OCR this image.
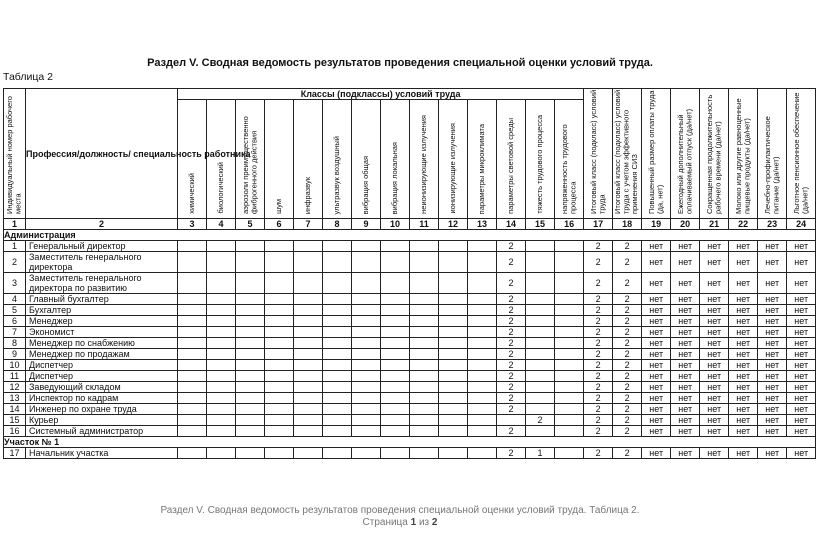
Раздел V. Сводная ведомость результатов проведения специальной оценки условий труда.
Таблица 2
Индивидуальный номер рабочего места	Профессия/должность/ специальность работника	Классы (подклассы) условий труда														Итоговый класс (подкласс) условий труда	Итоговый класс (подкласс) условий труда с учетом эффективного применения СИЗ	Повышенный размер оплаты труда (да, нет)	Ежегодный дополнительный оплачиваемый отпуск (да/нет)	Сокращенная продолжительность рабочего времени (да/нет)	Молоко или другие равноценные пищевые продукты (да/нет)	Лечебно-профилактическое питание (да/нет)	Льготное пенсионное обеспечение (да/нет)
		химический	биологический	аэрозоли преимущественно фиброгенного действия	шум	инфразвук	ультразвук воздушный	вибрация общая	вибрация локальная	неионизирующие излучения	ионизирующие излучения	параметры микроклимата	параметры световой среды	тяжесть трудового процесса	напряженность трудового процесса								
1	2	3	4	5	6	7	8	9	10	11	12	13	14	15	16	17	18	19	20	21	22	23	24
Администрация																							
1	Генеральный директор												2			2	2	нет	нет	нет	нет	нет	нет
2	Заместитель генерального директора												2			2	2	нет	нет	нет	нет	нет	нет
3	Заместитель генерального директора по развитию												2			2	2	нет	нет	нет	нет	нет	нет
4	Главный бухгалтер												2			2	2	нет	нет	нет	нет	нет	нет
5	Бухгалтер												2			2	2	нет	нет	нет	нет	нет	нет
6	Менеджер												2			2	2	нет	нет	нет	нет	нет	нет
7	Экономист												2			2	2	нет	нет	нет	нет	нет	нет
8	Менеджер по снабжению												2			2	2	нет	нет	нет	нет	нет	нет
9	Менеджер по продажам												2			2	2	нет	нет	нет	нет	нет	нет
10	Диспетчер												2			2	2	нет	нет	нет	нет	нет	нет
11	Диспетчер												2			2	2	нет	нет	нет	нет	нет	нет
12	Заведующий складом												2			2	2	нет	нет	нет	нет	нет	нет
13	Инспектор по кадрам												2			2	2	нет	нет	нет	нет	нет	нет
14	Инженер по охране труда												2			2	2	нет	нет	нет	нет	нет	нет
15	Курьер													2		2	2	нет	нет	нет	нет	нет	нет
16	Системный администратор												2			2	2	нет	нет	нет	нет	нет	нет
Участок № 1																							
17	Начальник участка												2	1		2	2	нет	нет	нет	нет	нет	нет
Раздел V. Сводная ведомость результатов проведения специальной оценки условий труда. Таблица 2.
Страница 1 из 2
